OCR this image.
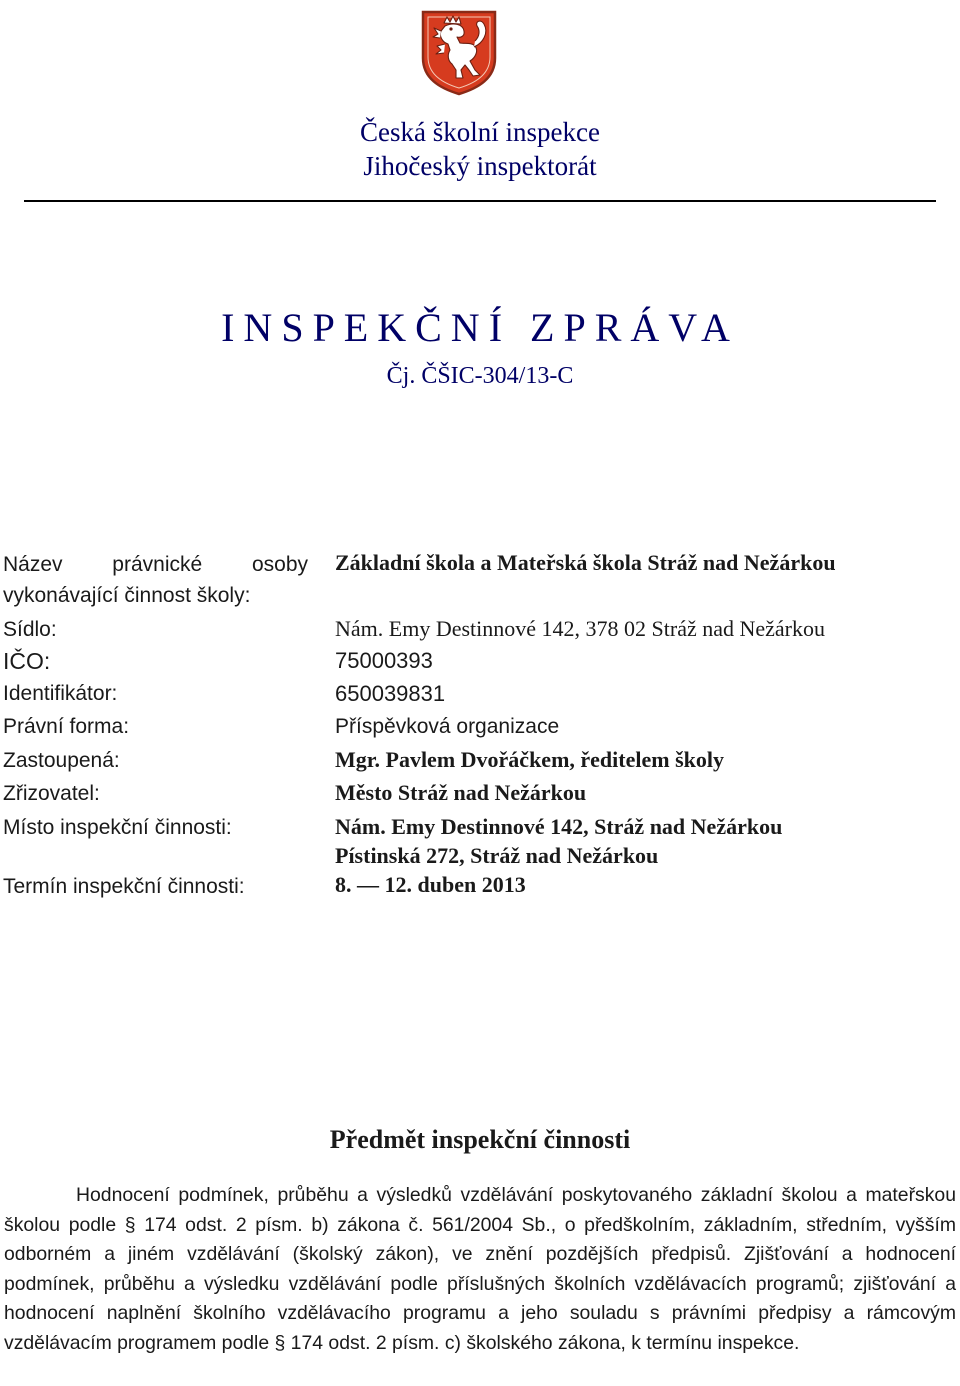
Česká školní inspekce
Jihočeský inspektorát
INSPEKČNÍ ZPRÁVA
Čj. ČŠIC-304/13-C
Název právnické osoby
vykonávající činnost školy:
Základní škola a Mateřská škola Stráž nad Nežárkou
Sídlo:	Nám. Emy Destinnové 142, 378 02 Stráž nad Nežárkou
IČO:	75000393
Identifikátor:	650039831
Právní forma:	Příspěvková organizace
Zastoupená:	Mgr. Pavlem Dvořáčkem, ředitelem školy
Zřizovatel:	Město Stráž nad Nežárkou
Místo inspekční činnosti:	Nám. Emy Destinnové 142, Stráž nad Nežárkou
Pístinská 272, Stráž nad Nežárkou
Termín inspekční činnosti:	8. — 12. duben 2013
Předmět inspekční činnosti
Hodnocení podmínek, průběhu a výsledků vzdělávání poskytovaného základní školou a mateřskou školou podle § 174 odst. 2 písm. b) zákona č. 561/2004 Sb., o předškolním, základním, středním, vyšším odborném a jiném vzdělávání (školský zákon), ve znění pozdějších předpisů. Zjišťování a hodnocení podmínek, průběhu a výsledku vzdělávání podle příslušných školních vzdělávacích programů; zjišťování a hodnocení naplnění školního vzdělávacího programu a jeho souladu s právními předpisy a rámcovým vzdělávacím programem podle § 174 odst. 2 písm. c) školského zákona, k termínu inspekce.
